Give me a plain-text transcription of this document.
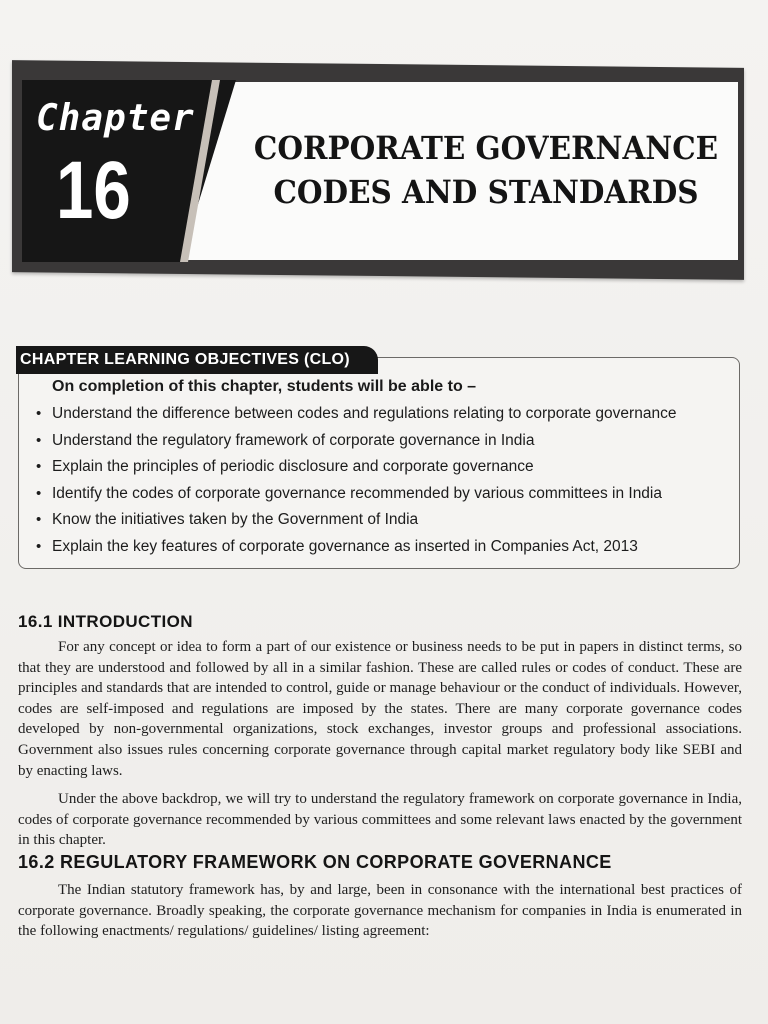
Chapter
16	CORPORATE GOVERNANCE
CODES AND STANDARDS
CHAPTER LEARNING OBJECTIVES (CLO)
On completion of this chapter, students will be able to –
• Understand the difference between codes and regulations relating to corporate governance
• Understand the regulatory framework of corporate governance in India
• Explain the principles of periodic disclosure and corporate governance
• Identify the codes of corporate governance recommended by various committees in India
• Know the initiatives taken by the Government of India
• Explain the key features of corporate governance as inserted in Companies Act, 2013
16.1 INTRODUCTION

For any concept or idea to form a part of our existence or business needs to be put in papers in distinct terms, so that they are understood and followed by all in a similar fashion. These are called rules or codes of conduct. These are principles and standards that are intended to control, guide or manage behaviour or the conduct of individuals. However, codes are self-imposed and regulations are imposed by the states. There are many corporate governance codes developed by non-governmental organizations, stock exchanges, investor groups and professional associations. Government also issues rules concerning corporate governance through capital market regulatory body like SEBI and by enacting laws.

Under the above backdrop, we will try to understand the regulatory framework on corporate governance in India, codes of corporate governance recommended by various committees and some relevant laws enacted by the government in this chapter.

16.2 REGULATORY FRAMEWORK ON CORPORATE GOVERNANCE

The Indian statutory framework has, by and large, been in consonance with the international best practices of corporate governance. Broadly speaking, the corporate governance mechanism for companies in India is enumerated in the following enactments/ regulations/ guidelines/ listing agreement:
